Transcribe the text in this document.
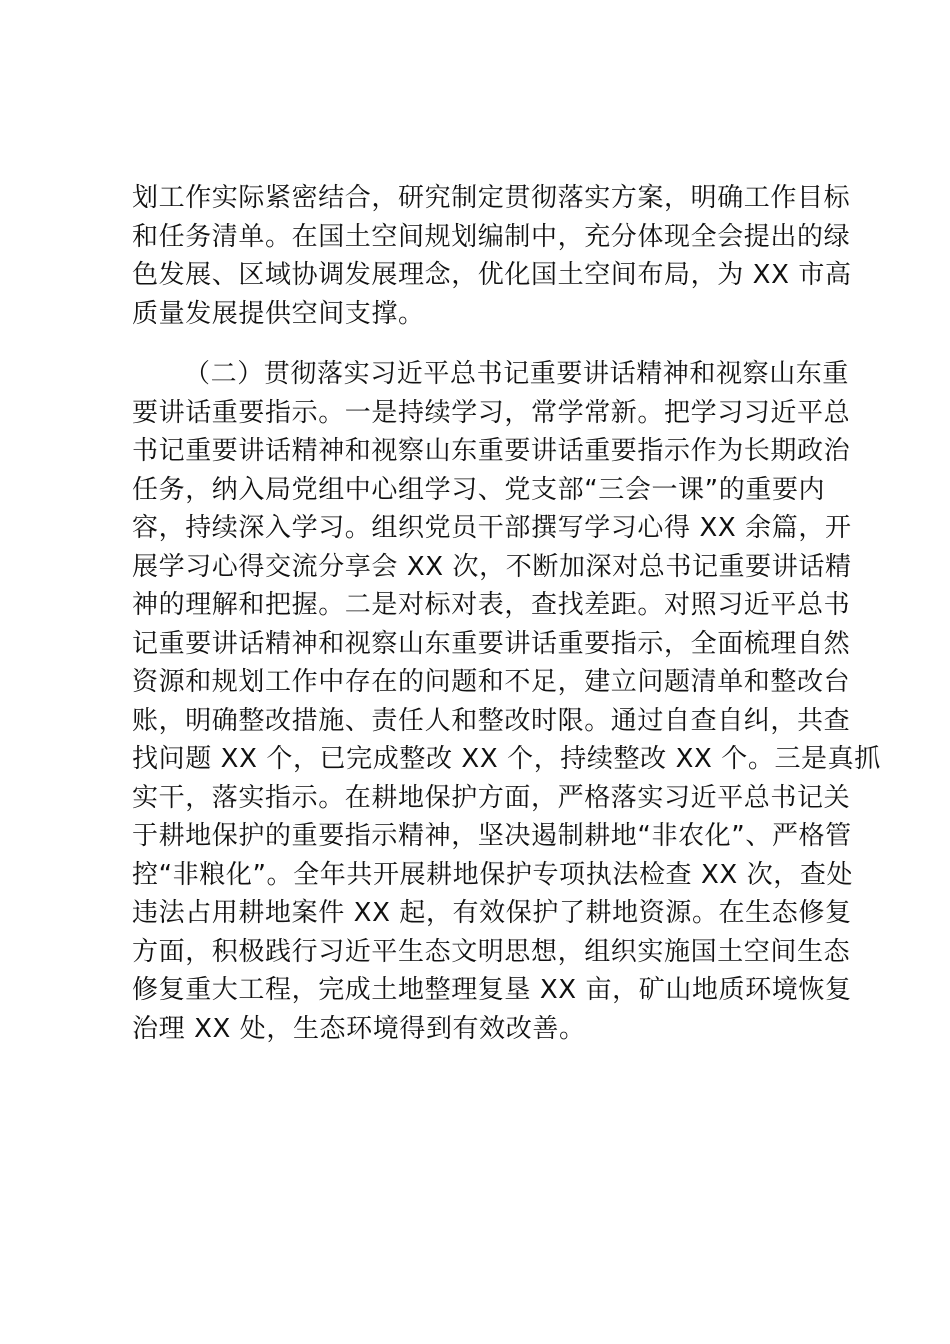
划工作实际紧密结合，研究制定贯彻落实方案，明确工作目标
和任务清单。在国土空间规划编制中，充分体现全会提出的绿
色发展、区域协调发展理念，优化国土空间布局，为 XX 市高
质量发展提供空间支撑。
（二）贯彻落实习近平总书记重要讲话精神和视察山东重
要讲话重要指示。一是持续学习，常学常新。把学习习近平总
书记重要讲话精神和视察山东重要讲话重要指示作为长期政治
任务，纳入局党组中心组学习、党支部“三会一课”的重要内
容，持续深入学习。组织党员干部撰写学习心得 XX 余篇，开
展学习心得交流分享会 XX 次，不断加深对总书记重要讲话精
神的理解和把握。二是对标对表，查找差距。对照习近平总书
记重要讲话精神和视察山东重要讲话重要指示，全面梳理自然
资源和规划工作中存在的问题和不足，建立问题清单和整改台
账，明确整改措施、责任人和整改时限。通过自查自纠，共查
找问题 XX 个，已完成整改 XX 个，持续整改 XX 个。三是真抓
实干，落实指示。在耕地保护方面，严格落实习近平总书记关
于耕地保护的重要指示精神，坚决遏制耕地“非农化”、严格管
控“非粮化”。全年共开展耕地保护专项执法检查 XX 次，查处
违法占用耕地案件 XX 起，有效保护了耕地资源。在生态修复
方面，积极践行习近平生态文明思想，组织实施国土空间生态
修复重大工程，完成土地整理复垦 XX 亩，矿山地质环境恢复
治理 XX 处，生态环境得到有效改善。
